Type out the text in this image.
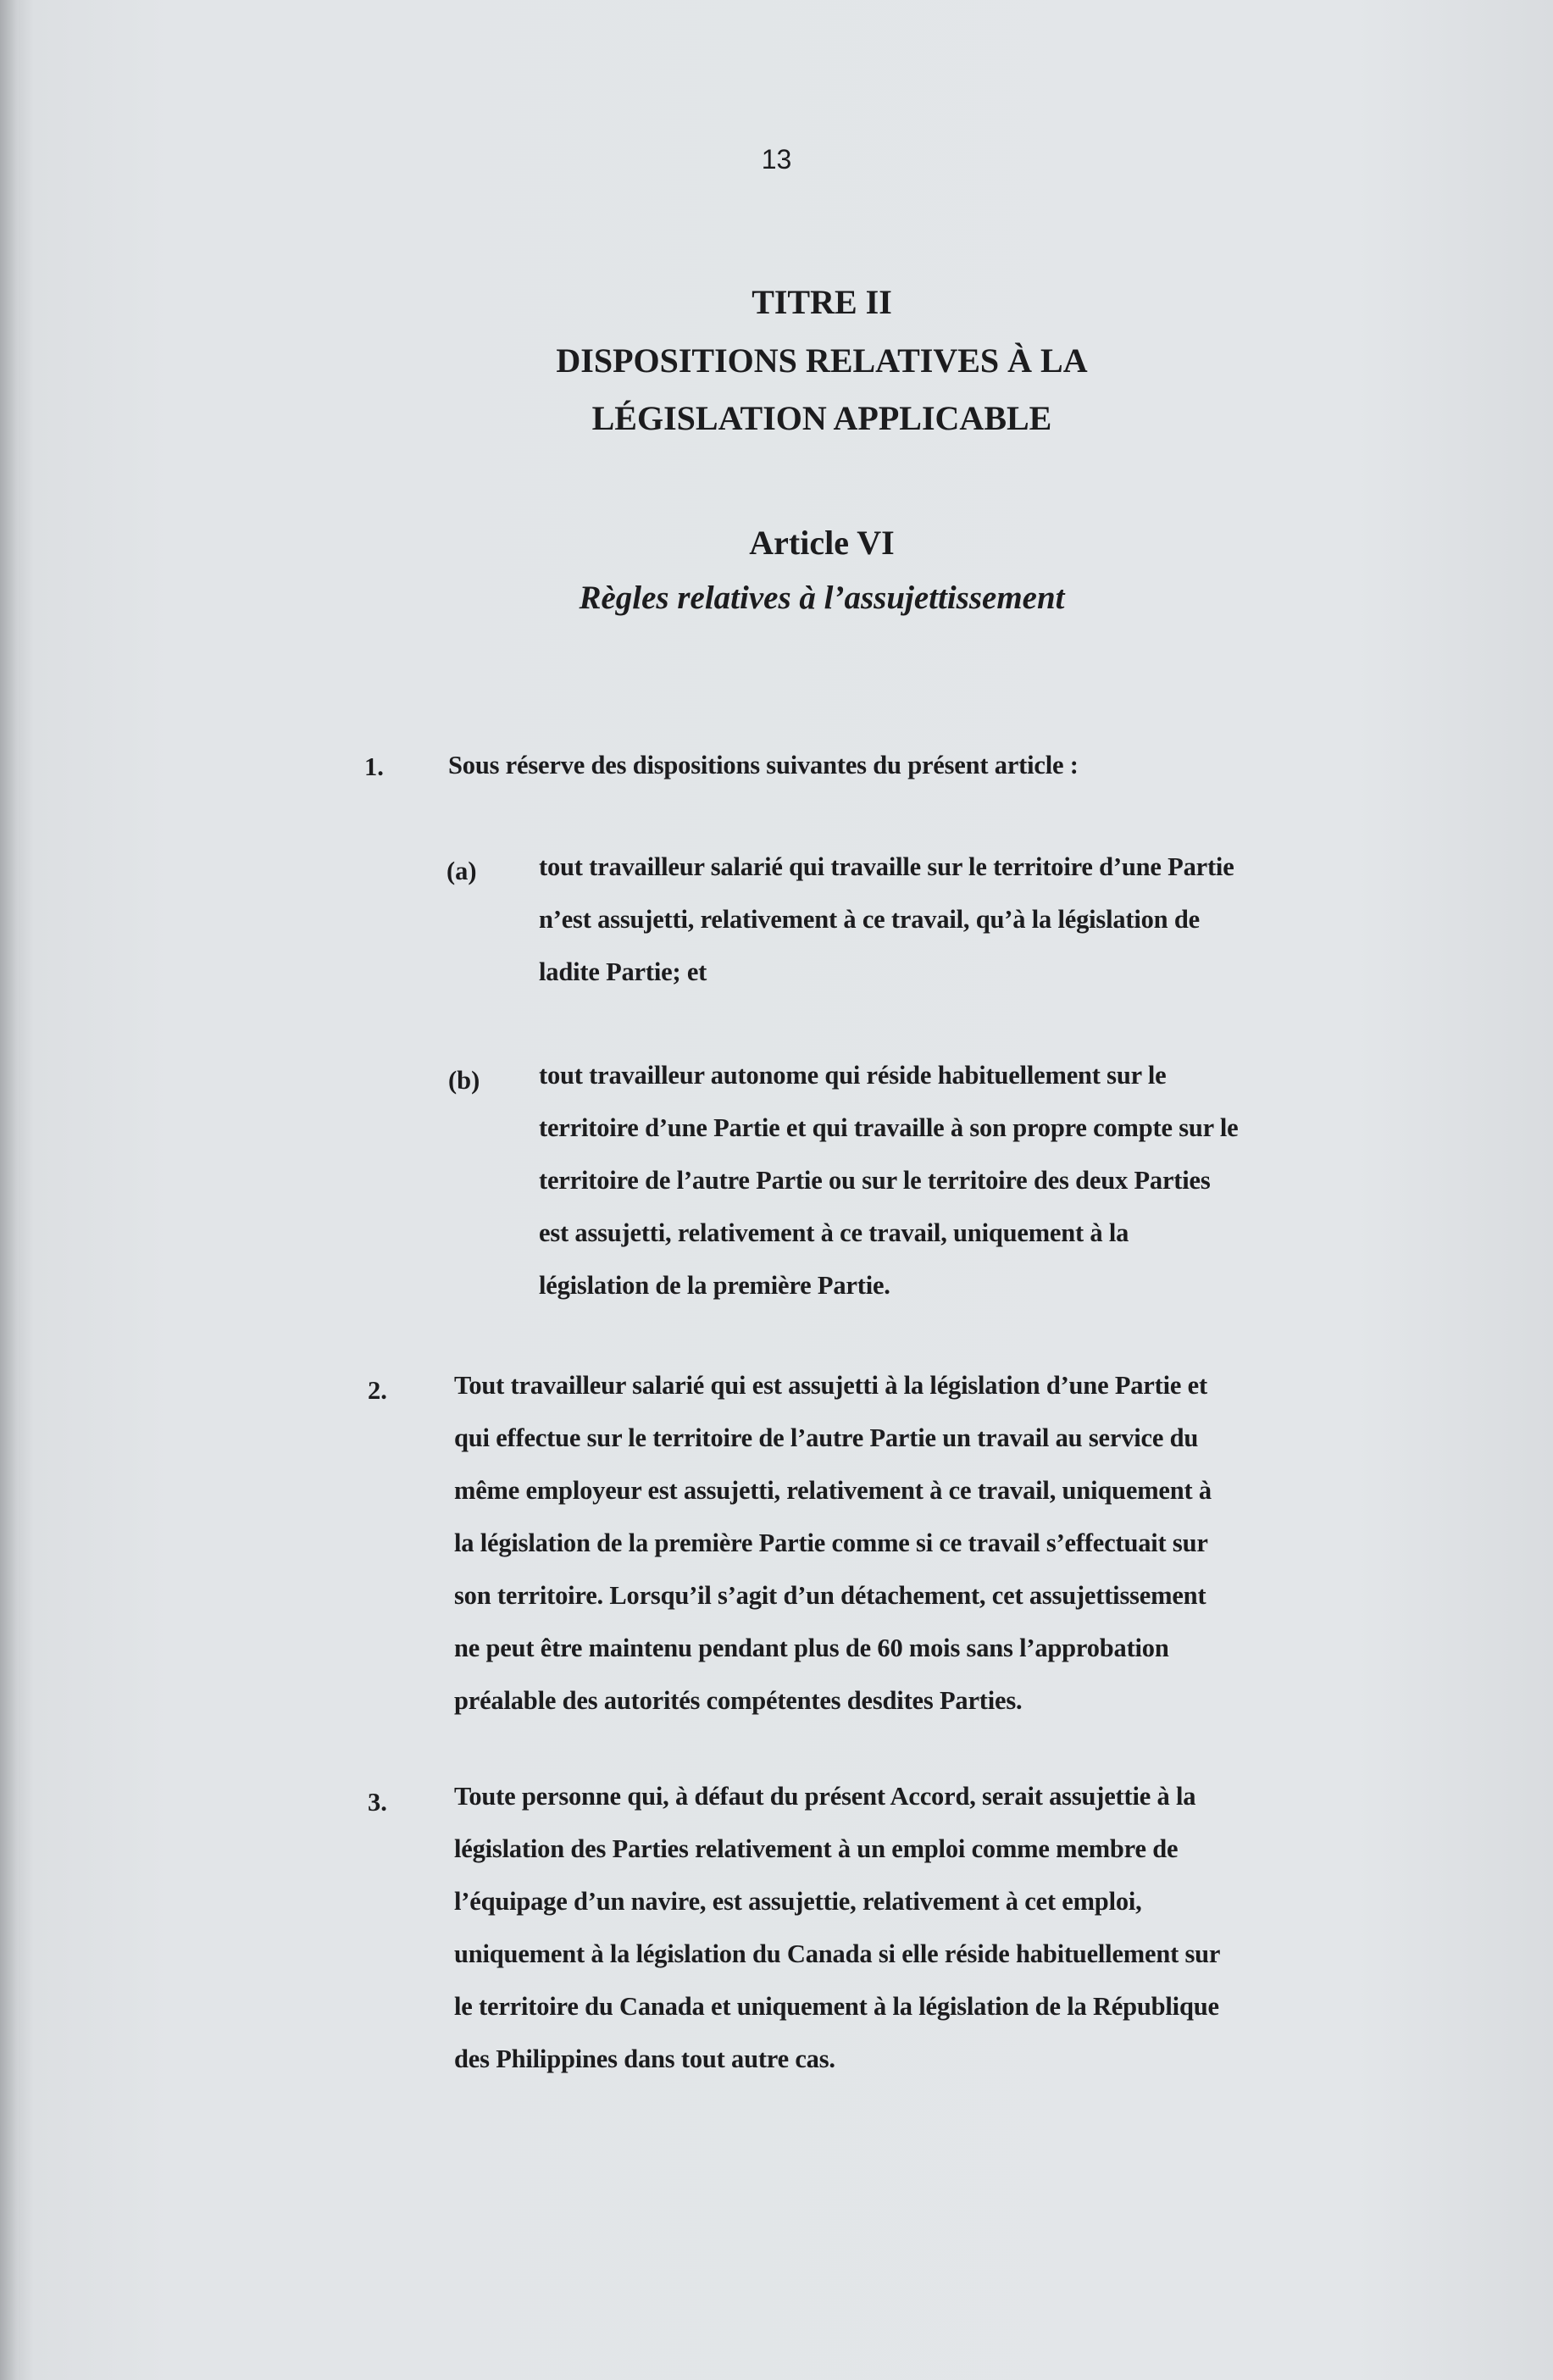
13
TITRE II
DISPOSITIONS RELATIVES À LA
LÉGISLATION APPLICABLE
Article VI
Règles relatives à l’assujettissement
1. Sous réserve des dispositions suivantes du présent article :
(a) tout travailleur salarié qui travaille sur le territoire d’une Partie
n’est assujetti, relativement à ce travail, qu’à la législation de
ladite Partie; et
(b) tout travailleur autonome qui réside habituellement sur le
territoire d’une Partie et qui travaille à son propre compte sur le
territoire de l’autre Partie ou sur le territoire des deux Parties
est assujetti, relativement à ce travail, uniquement à la
législation de la première Partie.
2.	Tout travailleur salarié qui est assujetti à la législation d’une Partie et
qui effectue sur le territoire de l’autre Partie un travail au service du
même employeur est assujetti, relativement à ce travail, uniquement à
la législation de la première Partie comme si ce travail s’effectuait sur
son territoire. Lorsqu’il s’agit d’un détachement, cet assujettissement
ne peut être maintenu pendant plus de 60 mois sans l’approbation
préalable des autorités compétentes desdites Parties.
3.	Toute personne qui, à défaut du présent Accord, serait assujettie à la
législation des Parties relativement à un emploi comme membre de
l’équipage d’un navire, est assujettie, relativement à cet emploi,
uniquement à la législation du Canada si elle réside habituellement sur
le territoire du Canada et uniquement à la législation de la République
des Philippines dans tout autre cas.
